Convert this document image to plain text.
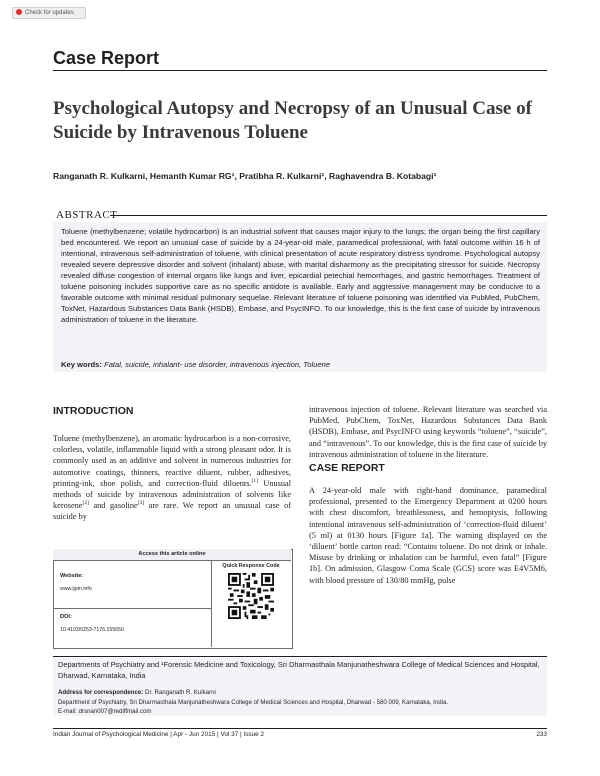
Check for updates
Case Report
Psychological Autopsy and Necropsy of an Unusual Case of Suicide by Intravenous Toluene
Ranganath R. Kulkarni, Hemanth Kumar RG¹, Pratibha R. Kulkarni¹, Raghavendra B. Kotabagi¹
ABSTRACT
Toluene (methylbenzene; volatile hydrocarbon) is an industrial solvent that causes major injury to the lungs; the organ being the first capillary bed encountered. We report an unusual case of suicide by a 24-year-old male, paramedical professional, with fatal outcome within 16 h of intentional, intravenous self-administration of toluene, with clinical presentation of acute respiratory distress syndrome. Psychological autopsy revealed severe depressive disorder and solvent (inhalant) abuse, with marital disharmony as the precipitating stressor for suicide. Necropsy revealed diffuse congestion of internal organs like lungs and liver, epicardial petechial hemorrhages, and gastric hemorrhages. Treatment of toluene poisoning includes supportive care as no specific antidote is available. Early and aggressive management may be conducive to a favorable outcome with minimal residual pulmonary sequelae. Relevant literature of toluene poisoning was identified via PubMed, PubChem, ToxNet, Hazardous Substances Data Bank (HSDB), Embase, and PsycINFO. To our knowledge, this is the first case of suicide by intravenous administration of toluene in the literature.
Key words: Fatal, suicide, inhalant- use disorder, intravenous injection, Toluene
INTRODUCTION
Toluene (methylbenzene), an aromatic hydrocarbon is a non-corrosive, colorless, volatile, inflammable liquid with a strong pleasant odor. It is commonly used as an additive and solvent in numerous industries for automotive coatings, thinners, reactive diluent, rubber, adhesives, printing-ink, shoe polish, and correction-fluid diluents.[1] Unusual methods of suicide by intravenous administration of solvents like kerosene[2] and gasoline[3] are rare. We report an unusual case of suicide by
Access this article online
Website:
www.ijpm.info
DOI:
10.4103/0253-7176.155650
Quick Response Code
intravenous injection of toluene. Relevant literature was searched via PubMed, PubChem, ToxNet, Hazardous Substances Data Bank (HSDB), Embase, and PsycINFO using keywords “toluene”, “suicide”, and “intravenous”. To our knowledge, this is the first case of suicide by intravenous administration of toluene in the literature.
CASE REPORT
A 24-year-old male with right-hand dominance, paramedical professional, presented to the Emergency Department at 0200 hours with chest discomfort, breathlessness, and hemoptysis, following intentional intravenous self-administration of ‘correction-fluid diluent’ (5 ml) at 0130 hours [Figure 1a]. The warning displayed on the ‘diluent’ bottle carton read: “Contains toluene. Do not drink or inhale. Misuse by drinking or inhalation can be harmful, even fatal” [Figure 1b]. On admission, Glasgow Coma Scale (GCS) score was E4V5M6, with blood pressure of 130/80 mmHg, pulse
Departments of Psychiatry and ¹Forensic Medicine and Toxicology, Sri Dharmasthala Manjunatheshwara College of Medical Sciences and Hospital, Dharwad, Karnataka, India
Address for correspondence: Dr. Ranganath R. Kulkarni
Department of Psychiatry, Sri Dharmasthala Manjunatheshwara College of Medical Sciences and Hospital, Dharwad - 580 009, Karnataka, India.
E-mail: drsnan007@rediffmail.com
Indian Journal of Psychological Medicine | Apr - Jun 2015 | Vol 37 | Issue 2	233
